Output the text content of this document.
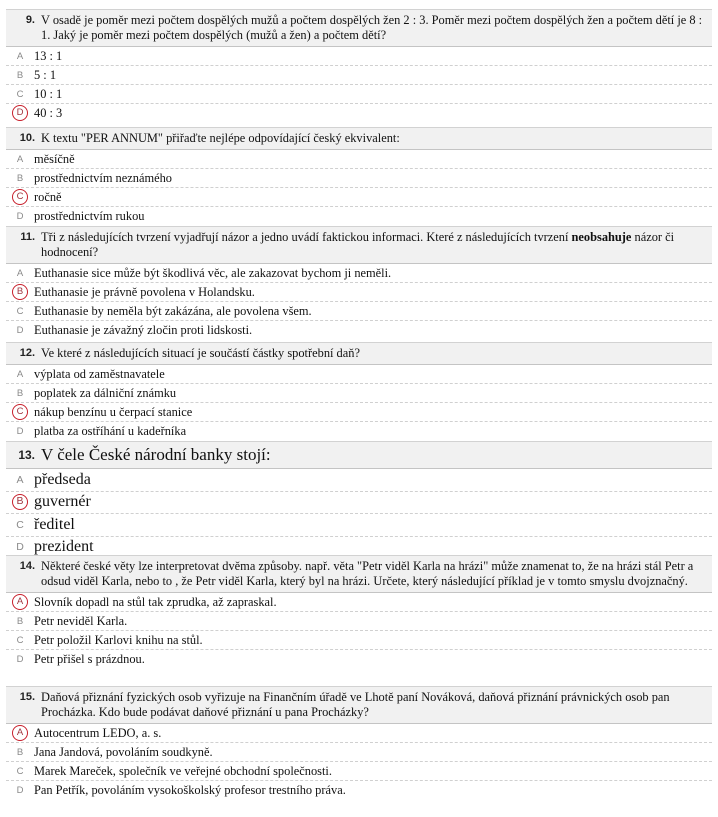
9. V osadě je poměr mezi počtem dospělých mužů a počtem dospělých žen 2 : 3. Poměr mezi počtem dospělých žen a počtem dětí je 8 : 1. Jaký je poměr mezi počtem dospělých (mužů a žen) a počtem dětí?
A 13 : 1
B 5 : 1
C 10 : 1
D 40 : 3
10. K textu "PER ANNUM" přiřaďte nejlépe odpovídající český ekvivalent:
A měsíčně
B prostřednictvím neznámého
C ročně
D prostřednictvím rukou
11. Tři z následujících tvrzení vyjadřují názor a jedno uvádí faktickou informaci. Které z následujících tvrzení neobsahuje názor či hodnocení?
A Euthanasie sice může být škodlivá věc, ale zakazovat bychom ji neměli.
B Euthanasie je právně povolena v Holandsku.
C Euthanasie by neměla být zakázána, ale povolena všem.
D Euthanasie je závažný zločin proti lidskosti.
12. Ve které z následujících situací je součástí částky spotřební daň?
A výplata od zaměstnavatele
B poplatek za dálniční známku
C nákup benzínu u čerpací stanice
D platba za ostříhání u kadeřníka
13. V čele České národní banky stojí:
A předseda
B guvernér
C ředitel
D prezident
14. Některé české věty lze interpretovat dvěma způsoby. např. věta "Petr viděl Karla na hrázi" může znamenat to, že na hrázi stál Petr a odsud viděl Karla, nebo to , že Petr viděl Karla, který byl na hrázi. Určete, který následující příklad je v tomto smyslu dvojznačný.
A Slovník dopadl na stůl tak zprudka, až zapraskal.
B Petr neviděl Karla.
C Petr položil Karlovi knihu na stůl.
D Petr přišel s prázdnou.
15. Daňová přiznání fyzických osob vyřizuje na Finančním úřadě ve Lhotě paní Nováková, daňová přiznání právnických osob pan Procházka. Kdo bude podávat daňové přiznání u pana Procházky?
A Autocentrum LEDO, a. s.
B Jana Jandová, povoláním soudkyně.
C Marek Mareček, společník ve veřejné obchodní společnosti.
D Pan Petřík, povoláním vysokoškolský profesor trestního práva.
